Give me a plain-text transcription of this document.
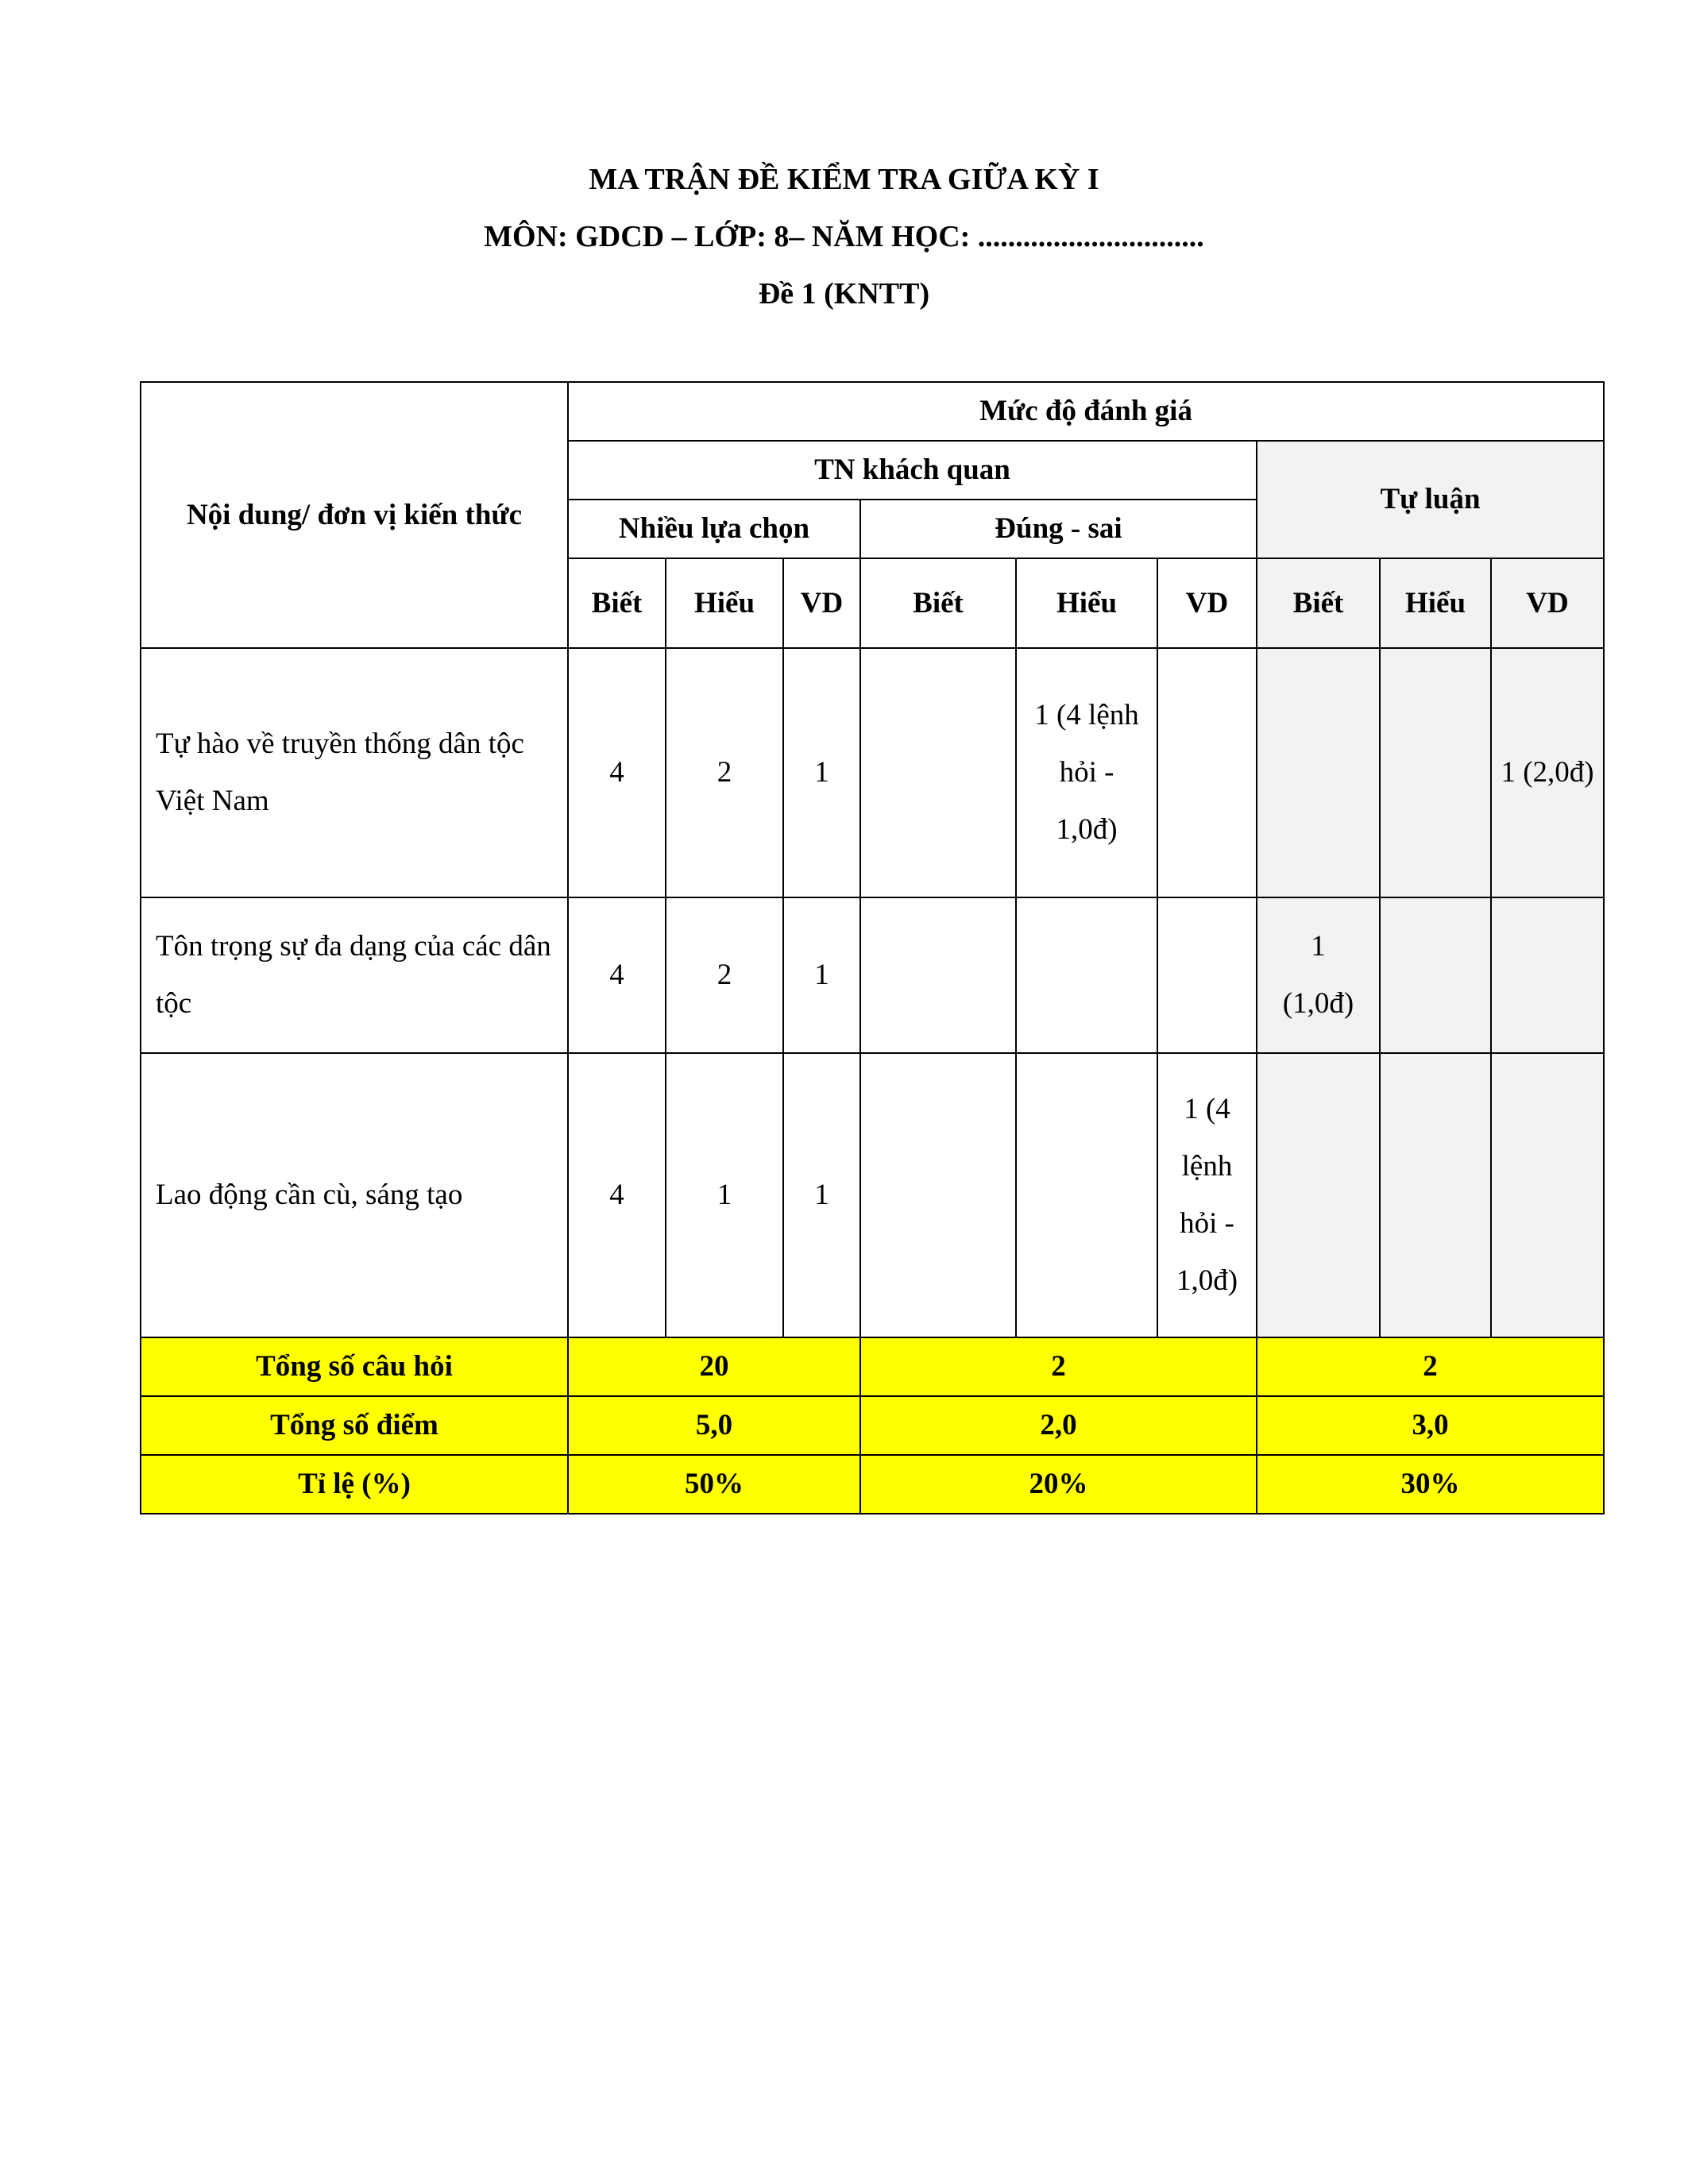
MA TRẬN ĐỀ KIỂM TRA GIỮA KỲ I
MÔN: GDCD – LỚP: 8– NĂM HỌC: ..............................
Đề 1 (KNTT)
Nội dung/ đơn vị kiến thức	Mức độ đánh giá								
	TN khách quan						Tự luận		
	Nhiều lựa chọn			Đúng - sai					
	Biết	Hiểu	VD	Biết	Hiểu	VD	Biết	Hiểu	VD
Tự hào về truyền thống dân tộc Việt Nam	4	2	1		1 (4 lệnh hỏi - 1,0đ)				1 (2,0đ)
Tôn trọng sự đa dạng của các dân tộc	4	2	1				1 (1,0đ)		
Lao động cần cù, sáng tạo	4	1	1			1 (4 lệnh hỏi - 1,0đ)			
Tổng số câu hỏi	20			2			2		
Tổng số điểm	5,0			2,0			3,0		
Tỉ lệ (%)	50%			20%			30%		
